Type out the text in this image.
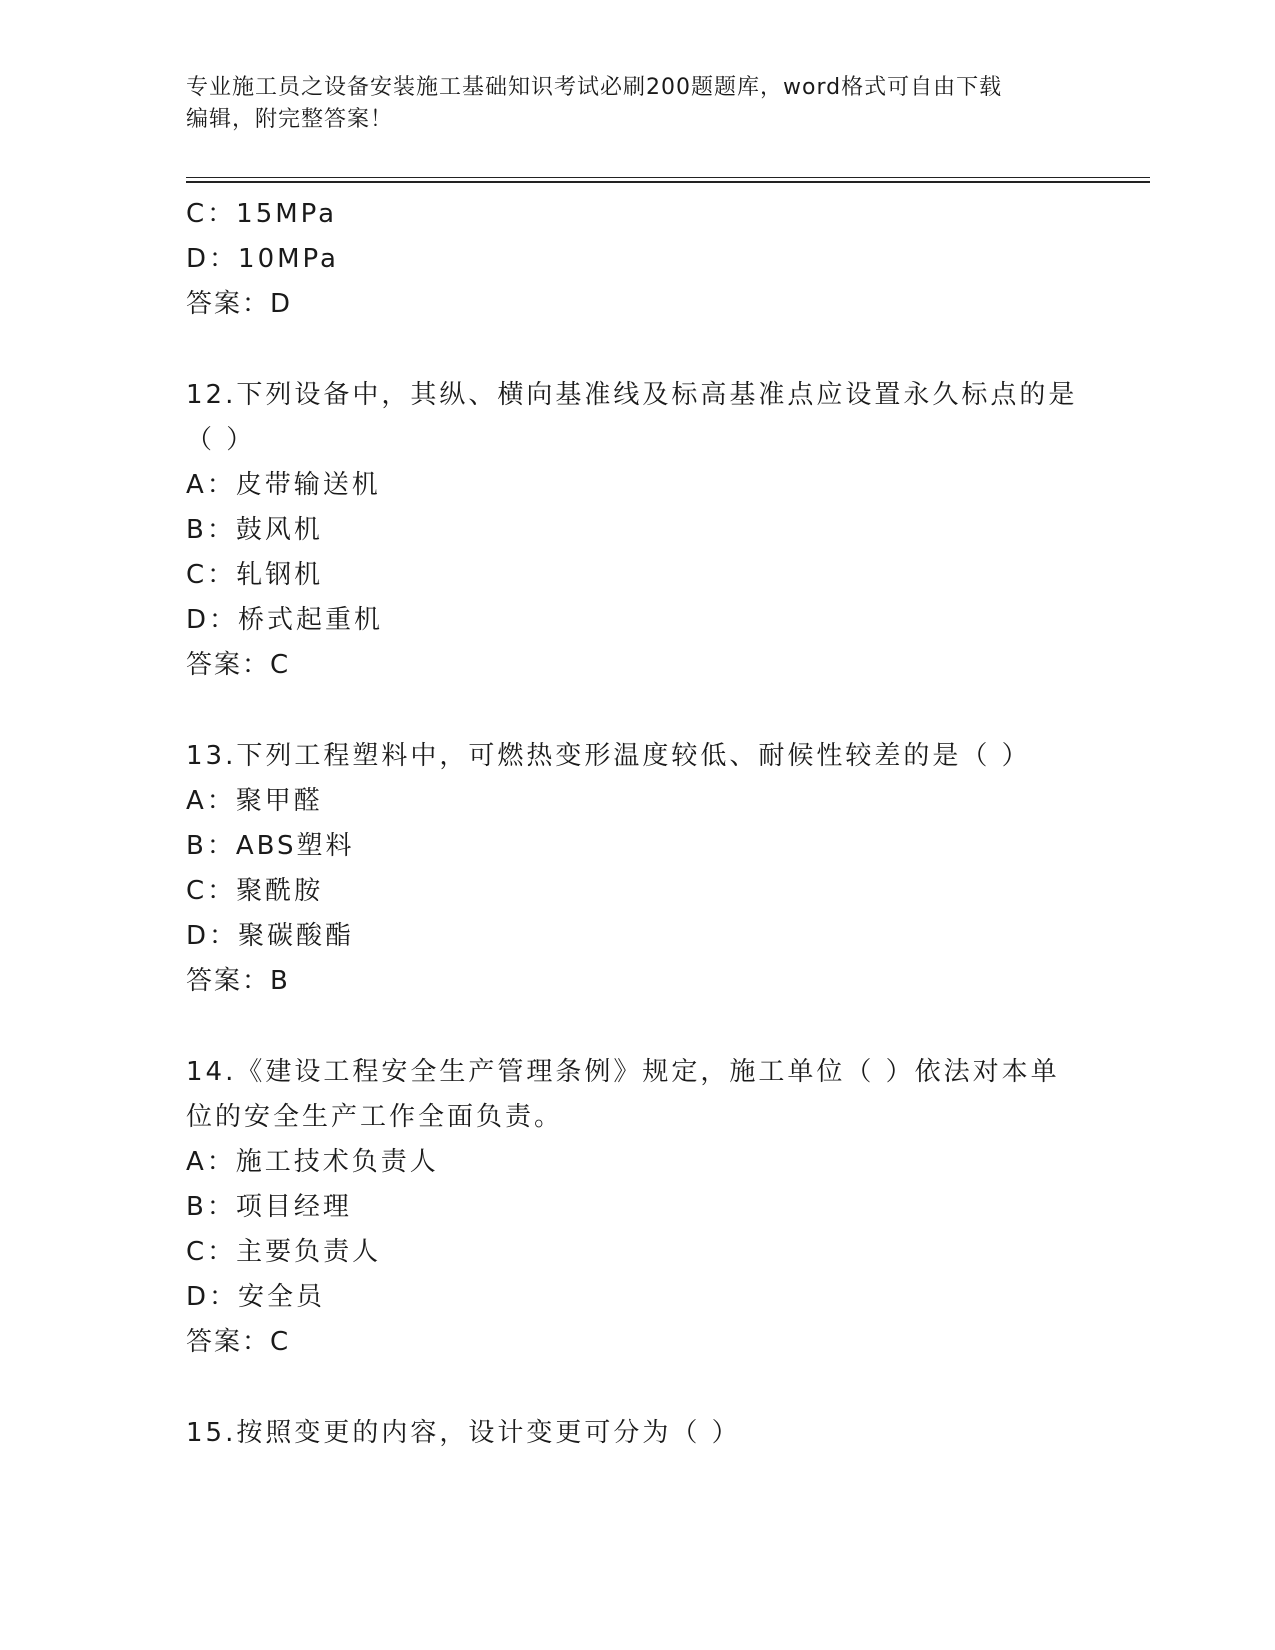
专业施工员之设备安装施工基础知识考试必刷200题题库，word格式可自由下载
编辑，附完整答案！
C：15MPa
D：10MPa
答案：D
12.下列设备中，其纵、横向基准线及标高基准点应设置永久标点的是
（ ）
A：皮带输送机
B：鼓风机
C：轧钢机
D：桥式起重机
答案：C
13.下列工程塑料中，可燃热变形温度较低、耐候性较差的是（ ）
A：聚甲醛
B：ABS塑料
C：聚酰胺
D：聚碳酸酯
答案：B
14.《建设工程安全生产管理条例》规定，施工单位（ ）依法对本单
位的安全生产工作全面负责。
A：施工技术负责人
B：项目经理
C：主要负责人
D：安全员
答案：C
15.按照变更的内容，设计变更可分为（ ）
